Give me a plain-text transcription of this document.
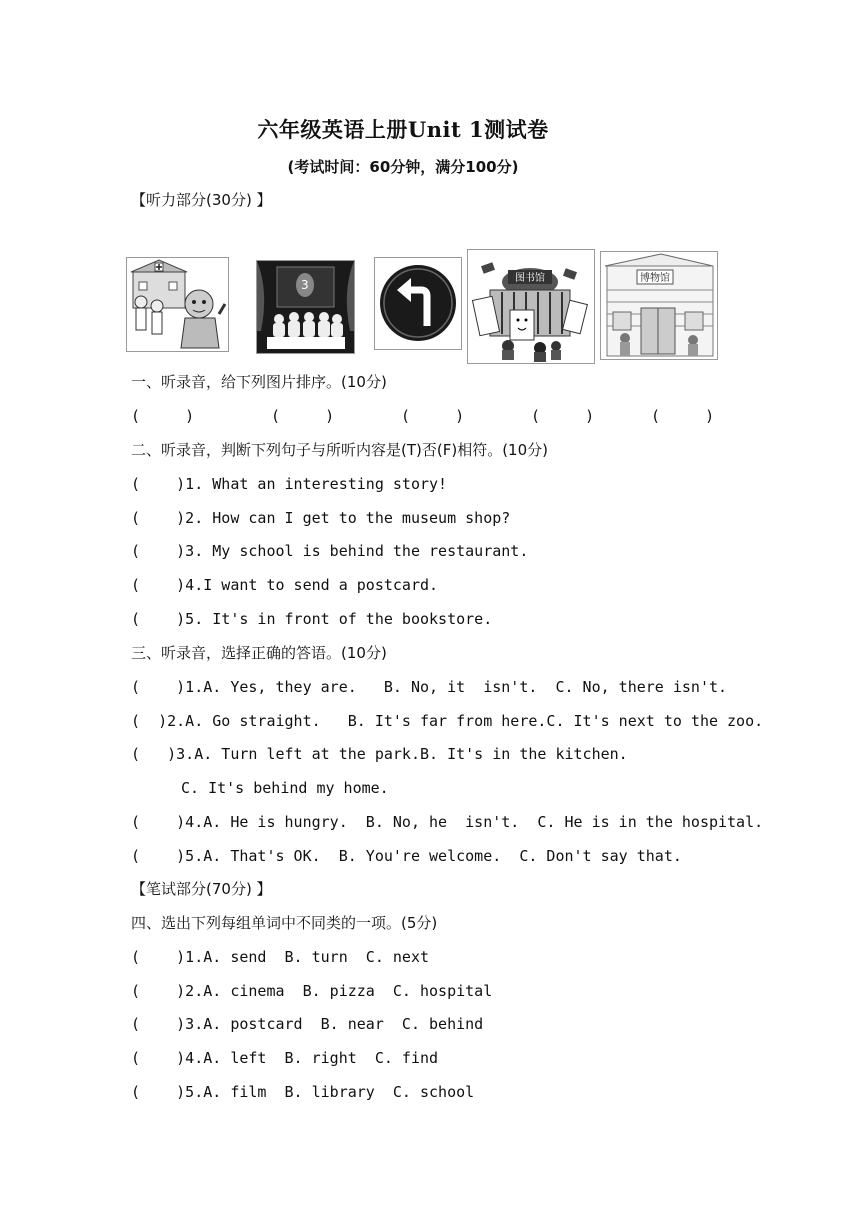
六年级英语上册Unit 1测试卷
(考试时间：60分钟，满分100分)
【听力部分(30分) 】
3	图书馆	博物馆
一、听录音，给下列图片排序。(10分)
(     )	(     )	(     )	(     )	(     )
二、听录音，判断下列句子与所听内容是(T)否(F)相符。(10分)
(    )1. What an interesting story!
(    )2. How can I get to the museum shop?
(    )3. My school is behind the restaurant.
(    )4.I want to send a postcard.
(    )5. It's in front of the bookstore.
三、听录音，选择正确的答语。(10分)
(    )1.A. Yes, they are.   B. No, it  isn't.  C. No, there isn't.
(  )2.A. Go straight.   B. It's far from here.C. It's next to the zoo.
(   )3.A. Turn left at the park.B. It's in the kitchen.
C. It's behind my home.
(    )4.A. He is hungry.  B. No, he  isn't.  C. He is in the hospital.
(    )5.A. That's OK.  B. You're welcome.  C. Don't say that.
【笔试部分(70分) 】
四、选出下列每组单词中不同类的一项。(5分)
(    )1.A. send  B. turn  C. next
(    )2.A. cinema  B. pizza  C. hospital
(    )3.A. postcard  B. near  C. behind
(    )4.A. left  B. right  C. find
(    )5.A. film  B. library  C. school
